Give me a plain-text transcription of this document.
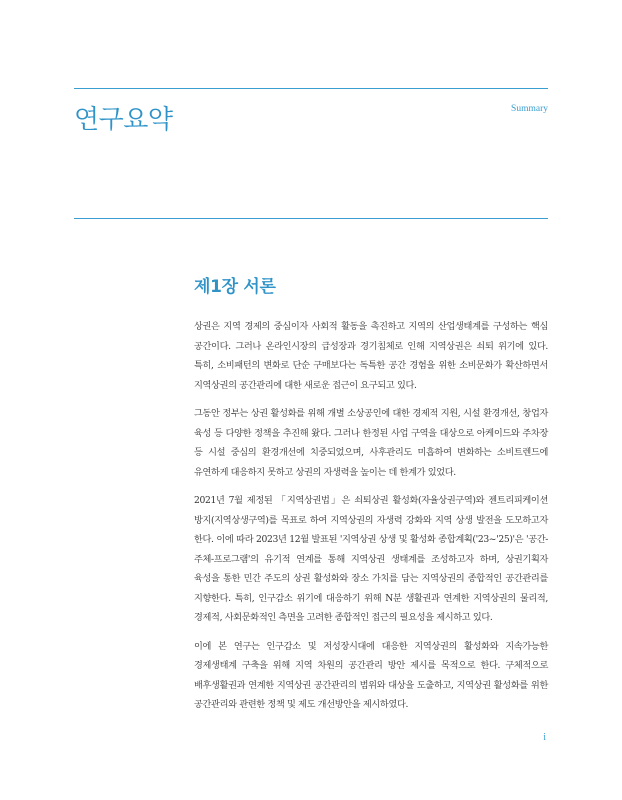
연구요약	Summary
제1장 서론

상권은 지역 경제의 중심이자 사회적 활동을 촉진하고 지역의 산업생태계를 구성하는 핵심 공간이다. 그러나 온라인시장의 급성장과 경기침체로 인해 지역상권은 쇠퇴 위기에 있다. 특히, 소비패턴의 변화로 단순 구매보다는 독특한 공간 경험을 위한 소비문화가 확산하면서 지역상권의 공간관리에 대한 새로운 접근이 요구되고 있다.

그동안 정부는 상권 활성화를 위해 개별 소상공인에 대한 경제적 지원, 시설 환경개선, 창업자 육성 등 다양한 정책을 추진해 왔다. 그러나 한정된 사업 구역을 대상으로 아케이드와 주차장 등 시설 중심의 환경개선에 치중되었으며, 사후관리도 미흡하여 변화하는 소비트렌드에 유연하게 대응하지 못하고 상권의 자생력을 높이는 데 한계가 있었다.

2021년 7월 제정된 「지역상권법」은 쇠퇴상권 활성화(자율상권구역)와 젠트리피케이션 방지(지역상생구역)를 목표로 하여 지역상권의 자생력 강화와 지역 상생 발전을 도모하고자 한다. 이에 따라 2023년 12월 발표된 '지역상권 상생 및 활성화 종합계획('23~'25)'은 '공간-주체-프로그램'의 유기적 연계를 통해 지역상권 생태계를 조성하고자 하며, 상권기획자 육성을 통한 민간 주도의 상권 활성화와 장소 가치를 담는 지역상권의 종합적인 공간관리를 지향한다. 특히, 인구감소 위기에 대응하기 위해 N분 생활권과 연계한 지역상권의 물리적, 경제적, 사회문화적인 측면을 고려한 종합적인 접근의 필요성을 제시하고 있다.

이에 본 연구는 인구감소 및 저성장시대에 대응한 지역상권의 활성화와 지속가능한 경제생태계 구축을 위해 지역 차원의 공간관리 방안 제시를 목적으로 한다. 구체적으로 배후생활권과 연계한 지역상권 공간관리의 범위와 대상을 도출하고, 지역상권 활성화를 위한 공간관리와 관련한 정책 및 제도 개선방안을 제시하였다.

i
